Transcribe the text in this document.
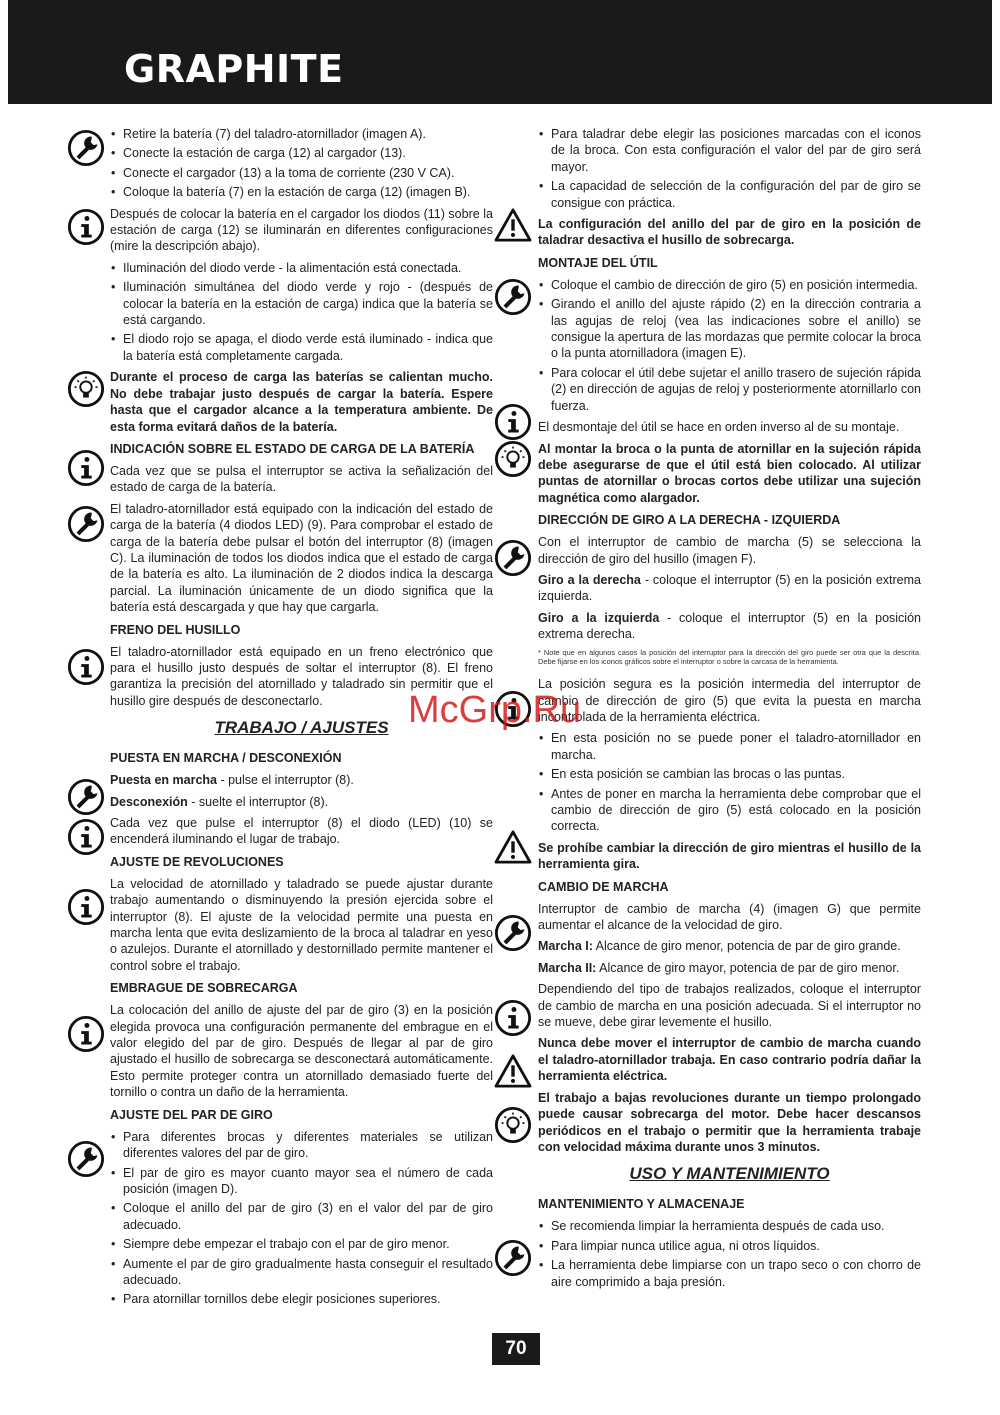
GRAPHITE
• Retire la batería (7) del taladro-atornillador (imagen A).
• Conecte la estación de carga (12) al cargador (13).
• Conecte el cargador (13) a la toma de corriente (230 V CA).
• Coloque la batería (7) en la estación de carga (12) (imagen B).

Después de colocar la batería en el cargador los diodos (11) sobre la estación de carga (12) se iluminarán en diferentes configuraciones (mire la descripción abajo).

• Iluminación del diodo verde - la alimentación está conectada.
• Iluminación simultánea del diodo verde y rojo - (después de colocar la batería en la estación de carga) indica que la batería se está cargando.
• El diodo rojo se apaga, el diodo verde está iluminado - indica que la batería está completamente cargada.

Durante el proceso de carga las baterías se calientan mucho. No debe trabajar justo después de cargar la batería. Espere hasta que el cargador alcance a la temperatura ambiente. De esta forma evitará daños de la batería.

INDICACIÓN SOBRE EL ESTADO DE CARGA DE LA BATERÍA

Cada vez que se pulsa el interruptor se activa la señalización del estado de carga de la batería.

El taladro-atornillador está equipado con la indicación del estado de carga de la batería (4 diodos LED) (9). Para comprobar el estado de carga de la batería debe pulsar el botón del interruptor (8) (imagen C). La iluminación de todos los diodos indica que el estado de carga de la batería es alto. La iluminación de 2 diodos indica la descarga parcial. La iluminación únicamente de un diodo significa que la batería está descargada y que hay que cargarla.

FRENO DEL HUSILLO

El taladro-atornillador está equipado en un freno electrónico que para el husillo justo después de soltar el interruptor (8). El freno garantiza la precisión del atornillado y taladrado sin permitir que el husillo gire después de desconectarlo.

TRABAJO / AJUSTES
PUESTA EN MARCHA / DESCONEXIÓN

Puesta en marcha - pulse el interruptor (8).

Desconexión - suelte el interruptor (8).

Cada vez que pulse el interruptor (8) el diodo (LED) (10) se encenderá iluminando el lugar de trabajo.

AJUSTE DE REVOLUCIONES

La velocidad de atornillado y taladrado se puede ajustar durante trabajo aumentando o disminuyendo la presión ejercida sobre el interruptor (8). El ajuste de la velocidad permite una puesta en marcha lenta que evita deslizamiento de la broca al taladrar en yeso o azulejos. Durante el atornillado y destornillado permite mantener el control sobre el trabajo.

EMBRAGUE DE SOBRECARGA

La colocación del anillo de ajuste del par de giro (3) en la posición elegida provoca una configuración permanente del embrague en el valor elegido del par de giro. Después de llegar al par de giro ajustado el husillo de sobrecarga se desconectará automáticamente. Esto permite proteger contra un atornillado demasiado fuerte del tornillo o contra un daño de la herramienta.

AJUSTE DEL PAR DE GIRO
• Para diferentes brocas y diferentes materiales se utilizan diferentes valores del par de giro.
• El par de giro es mayor cuanto mayor sea el número de cada posición (imagen D).
• Coloque el anillo del par de giro (3) en el valor del par de giro adecuado.
• Siempre debe empezar el trabajo con el par de giro menor.
• Aumente el par de giro gradualmente hasta conseguir el resultado adecuado.
• Para atornillar tornillos debe elegir posiciones superiores.
• Para taladrar debe elegir las posiciones marcadas con el iconos de la broca. Con esta configuración el valor del par de giro será mayor.
• La capacidad de selección de la configuración del par de giro se consigue con práctica.

La configuración del anillo del par de giro en la posición de taladrar desactiva el husillo de sobrecarga.

MONTAJE DEL ÚTIL
• Coloque el cambio de dirección de giro (5) en posición intermedia.
• Girando el anillo del ajuste rápido (2) en la dirección contraria a las agujas de reloj (vea las indicaciones sobre el anillo) se consigue la apertura de las mordazas que permite colocar la broca o la punta atornilladora (imagen E).
• Para colocar el útil debe sujetar el anillo trasero de sujeción rápida (2) en dirección de agujas de reloj y posteriormente atornillarlo con fuerza.

El desmontaje del útil se hace en orden inverso al de su montaje.

Al montar la broca o la punta de atornillar en la sujeción rápida debe asegurarse de que el útil está bien colocado. Al utilizar puntas de atornillar o brocas cortos debe utilizar una sujeción magnética como alargador.

DIRECCIÓN DE GIRO A LA DERECHA - IZQUIERDA

Con el interruptor de cambio de marcha (5) se selecciona la dirección de giro del husillo (imagen F).

Giro a la derecha - coloque el interruptor (5) en la posición extrema izquierda.

Giro a la izquierda - coloque el interruptor (5) en la posición extrema derecha.

* Note que en algunos casos la posición del interruptor para la dirección del giro puede ser otra que la descrita. Debe fijarse en los iconos gráficos sobre el interruptor o sobre la carcasa de la herramienta.

La posición segura es la posición intermedia del interruptor de cambio de dirección de giro (5) que evita la puesta en marcha incontrolada de la herramienta eléctrica.

• En esta posición no se puede poner el taladro-atornillador en marcha.
• En esta posición se cambian las brocas o las puntas.
• Antes de poner en marcha la herramienta debe comprobar que el cambio de dirección de giro (5) está colocado en la posición correcta.

Se prohíbe cambiar la dirección de giro mientras el husillo de la herramienta gira.

CAMBIO DE MARCHA

Interruptor de cambio de marcha (4) (imagen G) que permite aumentar el alcance de la velocidad de giro.

Marcha I: Alcance de giro menor, potencia de par de giro grande.

Marcha II: Alcance de giro mayor, potencia de par de giro menor.

Dependiendo del tipo de trabajos realizados, coloque el interruptor de cambio de marcha en una posición adecuada. Si el interruptor no se mueve, debe girar levemente el husillo.

Nunca debe mover el interruptor de cambio de marcha cuando el taladro-atornillador trabaja. En caso contrario podría dañar la herramienta eléctrica.

El trabajo a bajas revoluciones durante un tiempo prolongado puede causar sobrecarga del motor. Debe hacer descansos periódicos en el trabajo o permitir que la herramienta trabaje con velocidad máxima durante unos 3 minutos.

USO Y MANTENIMIENTO
MANTENIMIENTO Y ALMACENAJE
• Se recomienda limpiar la herramienta después de cada uso.
• Para limpiar nunca utilice agua, ni otros líquidos.
• La herramienta debe limpiarse con un trapo seco o con chorro de aire comprimido a baja presión.
McGrp.Ru
70
